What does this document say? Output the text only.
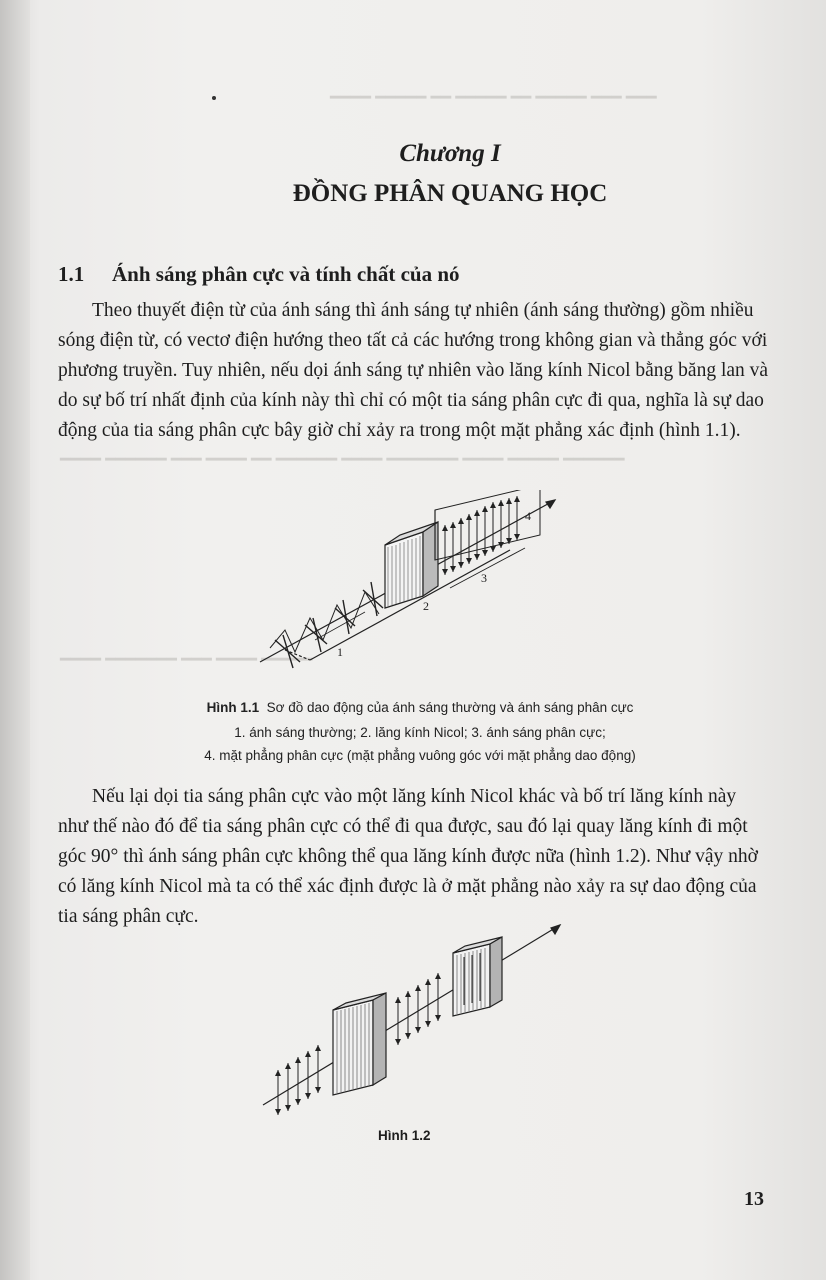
━━━━ ━━━━━ ━━ ━━━━━ ━━ ━━━━━ ━━━ ━━━
━━━━ ━━━━━━ ━━━ ━━━━ ━━ ━━━━━━ ━━━━ ━━━━━━━ ━━━━ ━━━━━ ━━━━━━
━━━━ ━━━━━━━ ━━━ ━━━━ ━━━━━
Chương I
ĐỒNG PHÂN QUANG HỌC
1.1 Ánh sáng phân cực và tính chất của nó
Theo thuyết điện từ của ánh sáng thì ánh sáng tự nhiên (ánh sáng thường) gồm nhiều
sóng điện từ, có vectơ điện hướng theo tất cả các hướng trong không gian và thẳng góc với
phương truyền. Tuy nhiên, nếu dọi ánh sáng tự nhiên vào lăng kính Nicol bằng băng lan và
do sự bố trí nhất định của kính này thì chỉ có một tia sáng phân cực đi qua, nghĩa là sự dao
động của tia sáng phân cực bây giờ chỉ xảy ra trong một mặt phẳng xác định (hình 1.1).
4
3
2
1
Hình 1.1 Sơ đồ dao động của ánh sáng thường và ánh sáng phân cực
1. ánh sáng thường; 2. lăng kính Nicol; 3. ánh sáng phân cực;
4. mặt phẳng phân cực (mặt phẳng vuông góc với mặt phẳng dao động)
Nếu lại dọi tia sáng phân cực vào một lăng kính Nicol khác và bố trí lăng kính này
như thế nào đó để tia sáng phân cực có thể đi qua được, sau đó lại quay lăng kính đi một
góc 90° thì ánh sáng phân cực không thể qua lăng kính được nữa (hình 1.2). Như vậy nhờ
có lăng kính Nicol mà ta có thể xác định được là ở mặt phẳng nào xảy ra sự dao động của
tia sáng phân cực.
Hình 1.2
13
